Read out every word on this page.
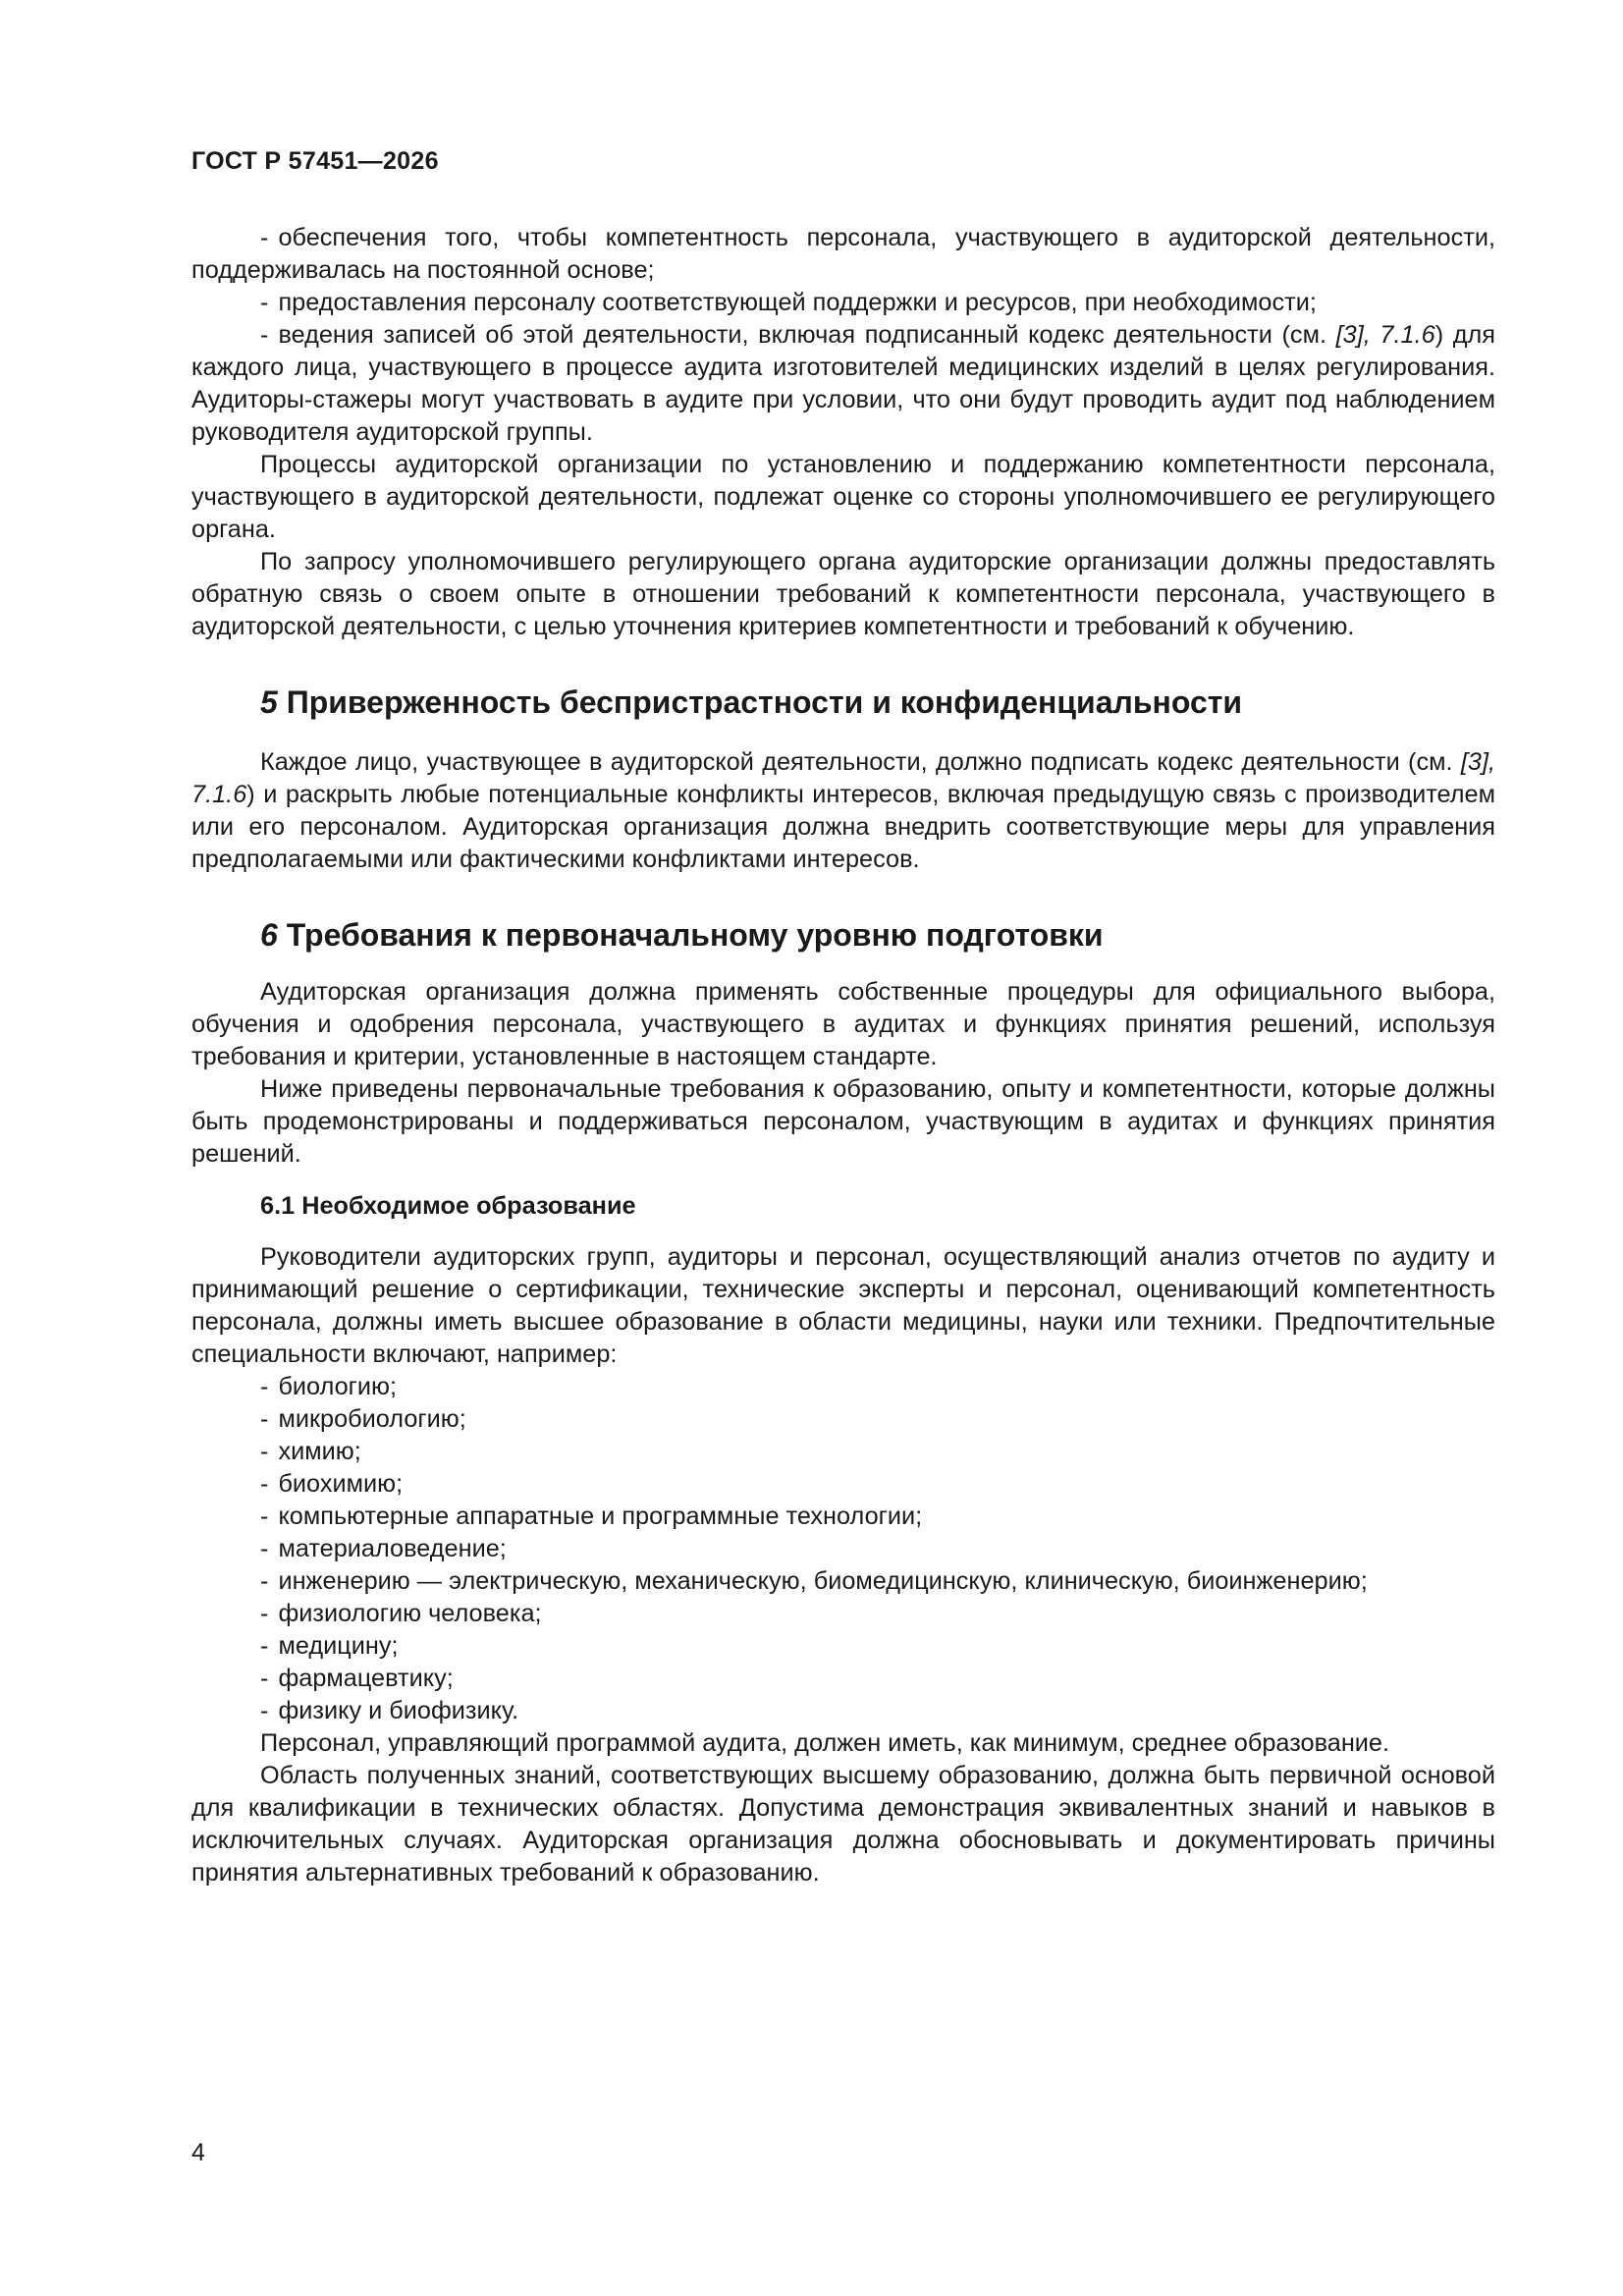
ГОСТ Р 57451—2026

- обеспечения того, чтобы компетентность персонала, участвующего в аудиторской деятельности, поддерживалась на постоянной основе;

- предоставления персоналу соответствующей поддержки и ресурсов, при необходимости;

- ведения записей об этой деятельности, включая подписанный кодекс деятельности (см. [3], 7.1.6) для каждого лица, участвующего в процессе аудита изготовителей медицинских изделий в целях регулирования. Аудиторы-стажеры могут участвовать в аудите при условии, что они будут проводить аудит под наблюдением руководителя аудиторской группы.

Процессы аудиторской организации по установлению и поддержанию компетентности персонала, участвующего в аудиторской деятельности, подлежат оценке со стороны уполномочившего ее регулирующего органа.

По запросу уполномочившего регулирующего органа аудиторские организации должны предоставлять обратную связь о своем опыте в отношении требований к компетентности персонала, участвующего в аудиторской деятельности, с целью уточнения критериев компетентности и требований к обучению.

5 Приверженность беспристрастности и конфиденциальности

Каждое лицо, участвующее в аудиторской деятельности, должно подписать кодекс деятельности (см. [3], 7.1.6) и раскрыть любые потенциальные конфликты интересов, включая предыдущую связь с производителем или его персоналом. Аудиторская организация должна внедрить соответствующие меры для управления предполагаемыми или фактическими конфликтами интересов.

6 Требования к первоначальному уровню подготовки

Аудиторская организация должна применять собственные процедуры для официального выбора, обучения и одобрения персонала, участвующего в аудитах и функциях принятия решений, используя требования и критерии, установленные в настоящем стандарте.

Ниже приведены первоначальные требования к образованию, опыту и компетентности, которые должны быть продемонстрированы и поддерживаться персоналом, участвующим в аудитах и функциях принятия решений.

6.1 Необходимое образование

Руководители аудиторских групп, аудиторы и персонал, осуществляющий анализ отчетов по аудиту и принимающий решение о сертификации, технические эксперты и персонал, оценивающий компетентность персонала, должны иметь высшее образование в области медицины, науки или техники. Предпочтительные специальности включают, например:

- биологию;

- микробиологию;

- химию;

- биохимию;

- компьютерные аппаратные и программные технологии;

- материаловедение;

- инженерию — электрическую, механическую, биомедицинскую, клиническую, биоинженерию;

- физиологию человека;

- медицину;

- фармацевтику;

- физику и биофизику.

Персонал, управляющий программой аудита, должен иметь, как минимум, среднее образование.

Область полученных знаний, соответствующих высшему образованию, должна быть первичной основой для квалификации в технических областях. Допустима демонстрация эквивалентных знаний и навыков в исключительных случаях. Аудиторская организация должна обосновывать и документировать причины принятия альтернативных требований к образованию.

4
